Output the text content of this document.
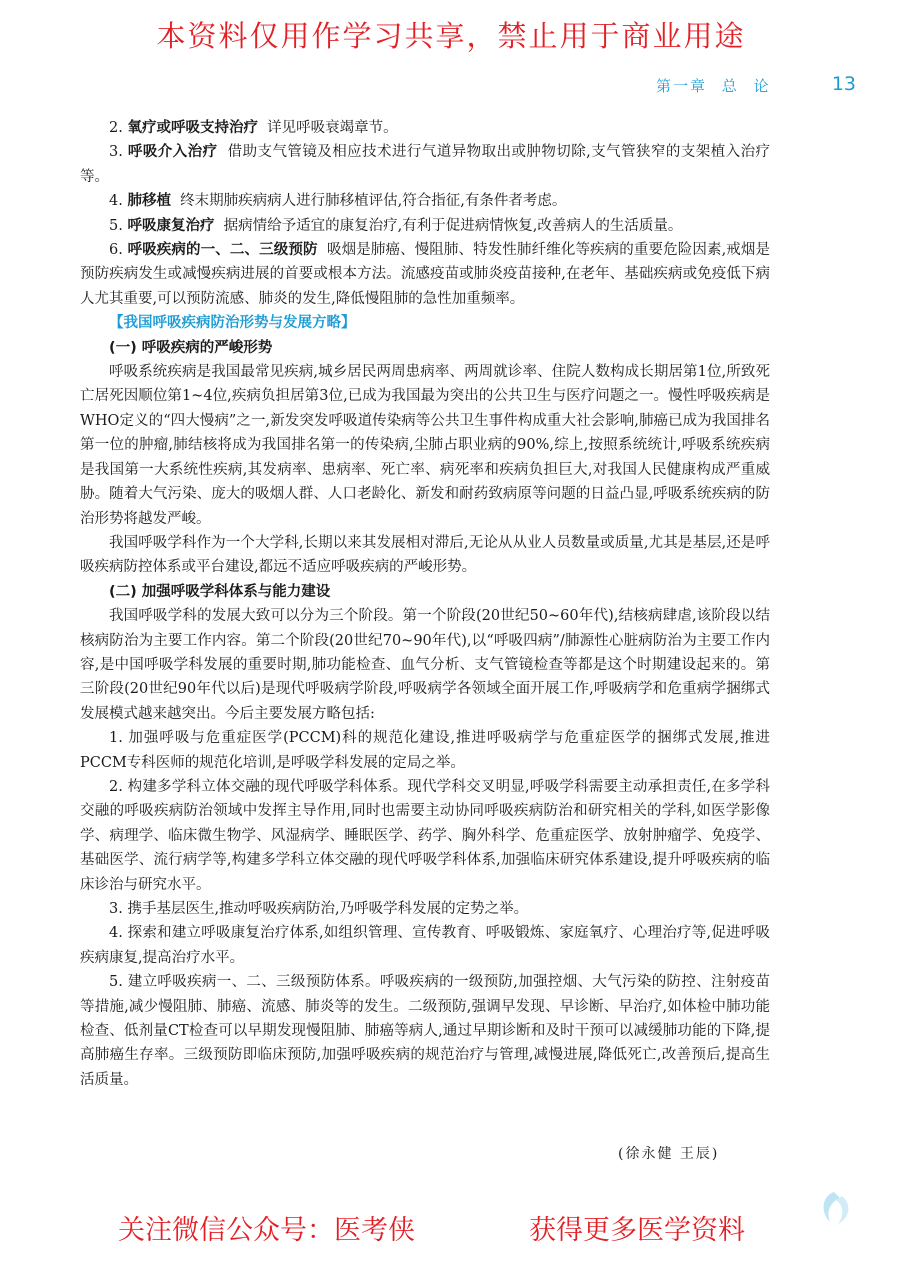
本资料仅用作学习共享，禁止用于商业用途
第一章 总 论	13

2. 氧疗或呼吸支持治疗 详见呼吸衰竭章节。

3. 呼吸介入治疗 借助支气管镜及相应技术进行气道异物取出或肿物切除,支气管狭窄的支架植入治疗等。

4. 肺移植 终末期肺疾病病人进行肺移植评估,符合指征,有条件者考虑。

5. 呼吸康复治疗 据病情给予适宜的康复治疗,有利于促进病情恢复,改善病人的生活质量。

6. 呼吸疾病的一、二、三级预防 吸烟是肺癌、慢阻肺、特发性肺纤维化等疾病的重要危险因素,戒烟是预防疾病发生或减慢疾病进展的首要或根本方法。流感疫苗或肺炎疫苗接种,在老年、基础疾病或免疫低下病人尤其重要,可以预防流感、肺炎的发生,降低慢阻肺的急性加重频率。

【我国呼吸疾病防治形势与发展方略】

(一) 呼吸疾病的严峻形势

呼吸系统疾病是我国最常见疾病,城乡居民两周患病率、两周就诊率、住院人数构成长期居第1位,所致死亡居死因顺位第1~4位,疾病负担居第3位,已成为我国最为突出的公共卫生与医疗问题之一。慢性呼吸疾病是WHO定义的“四大慢病”之一,新发突发呼吸道传染病等公共卫生事件构成重大社会影响,肺癌已成为我国排名第一位的肿瘤,肺结核将成为我国排名第一的传染病,尘肺占职业病的90%,综上,按照系统统计,呼吸系统疾病是我国第一大系统性疾病,其发病率、患病率、死亡率、病死率和疾病负担巨大,对我国人民健康构成严重威胁。随着大气污染、庞大的吸烟人群、人口老龄化、新发和耐药致病原等问题的日益凸显,呼吸系统疾病的防治形势将越发严峻。

我国呼吸学科作为一个大学科,长期以来其发展相对滞后,无论从从业人员数量或质量,尤其是基层,还是呼吸疾病防控体系或平台建设,都远不适应呼吸疾病的严峻形势。

(二) 加强呼吸学科体系与能力建设

我国呼吸学科的发展大致可以分为三个阶段。第一个阶段(20世纪50~60年代),结核病肆虐,该阶段以结核病防治为主要工作内容。第二个阶段(20世纪70~90年代),以“呼吸四病”/肺源性心脏病防治为主要工作内容,是中国呼吸学科发展的重要时期,肺功能检查、血气分析、支气管镜检查等都是这个时期建设起来的。第三阶段(20世纪90年代以后)是现代呼吸病学阶段,呼吸病学各领域全面开展工作,呼吸病学和危重病学捆绑式发展模式越来越突出。今后主要发展方略包括:

1. 加强呼吸与危重症医学(PCCM)科的规范化建设,推进呼吸病学与危重症医学的捆绑式发展,推进PCCM专科医师的规范化培训,是呼吸学科发展的定局之举。

2. 构建多学科立体交融的现代呼吸学科体系。现代学科交叉明显,呼吸学科需要主动承担责任,在多学科交融的呼吸疾病防治领域中发挥主导作用,同时也需要主动协同呼吸疾病防治和研究相关的学科,如医学影像学、病理学、临床微生物学、风湿病学、睡眠医学、药学、胸外科学、危重症医学、放射肿瘤学、免疫学、基础医学、流行病学等,构建多学科立体交融的现代呼吸学科体系,加强临床研究体系建设,提升呼吸疾病的临床诊治与研究水平。

3. 携手基层医生,推动呼吸疾病防治,乃呼吸学科发展的定势之举。

4. 探索和建立呼吸康复治疗体系,如组织管理、宣传教育、呼吸锻炼、家庭氧疗、心理治疗等,促进呼吸疾病康复,提高治疗水平。

5. 建立呼吸疾病一、二、三级预防体系。呼吸疾病的一级预防,加强控烟、大气污染的防控、注射疫苗等措施,减少慢阻肺、肺癌、流感、肺炎等的发生。二级预防,强调早发现、早诊断、早治疗,如体检中肺功能检查、低剂量CT检查可以早期发现慢阻肺、肺癌等病人,通过早期诊断和及时干预可以减缓肺功能的下降,提高肺癌生存率。三级预防即临床预防,加强呼吸疾病的规范治疗与管理,减慢进展,降低死亡,改善预后,提高生活质量。

(徐永健 王辰)
关注微信公众号：医考侠	获得更多医学资料
